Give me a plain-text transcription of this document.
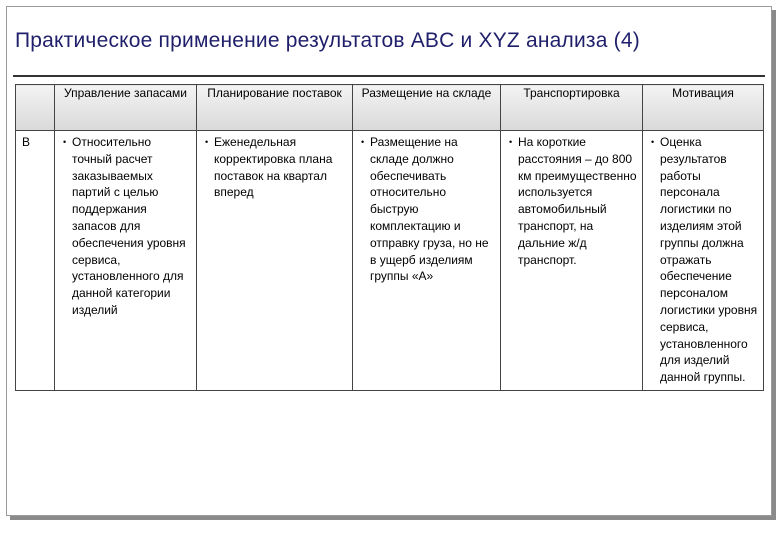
Практическое применение результатов ABC и XYZ анализа (4)
	Управление запасами	Планирование поставок	Размещение на складе	Транспортировка	Мотивация
B	• Относительно точный расчет заказываемых партий с целью поддержания запасов для обеспечения уровня сервиса, установленного для данной категории изделий	• Еженедельная корректировка плана поставок на квартал вперед	• Размещение на складе должно обеспечивать относительно быструю комплектацию и отправку груза, но не в ущерб изделиям группы «А»	• На короткие расстояния – до 800 км преимущественно используется автомобильный транспорт, на дальние ж/д транспорт.	• Оценка результатов работы персонала логистики по изделиям этой группы должна отражать обеспечение персоналом логистики уровня сервиса, установленного для изделий данной группы.
